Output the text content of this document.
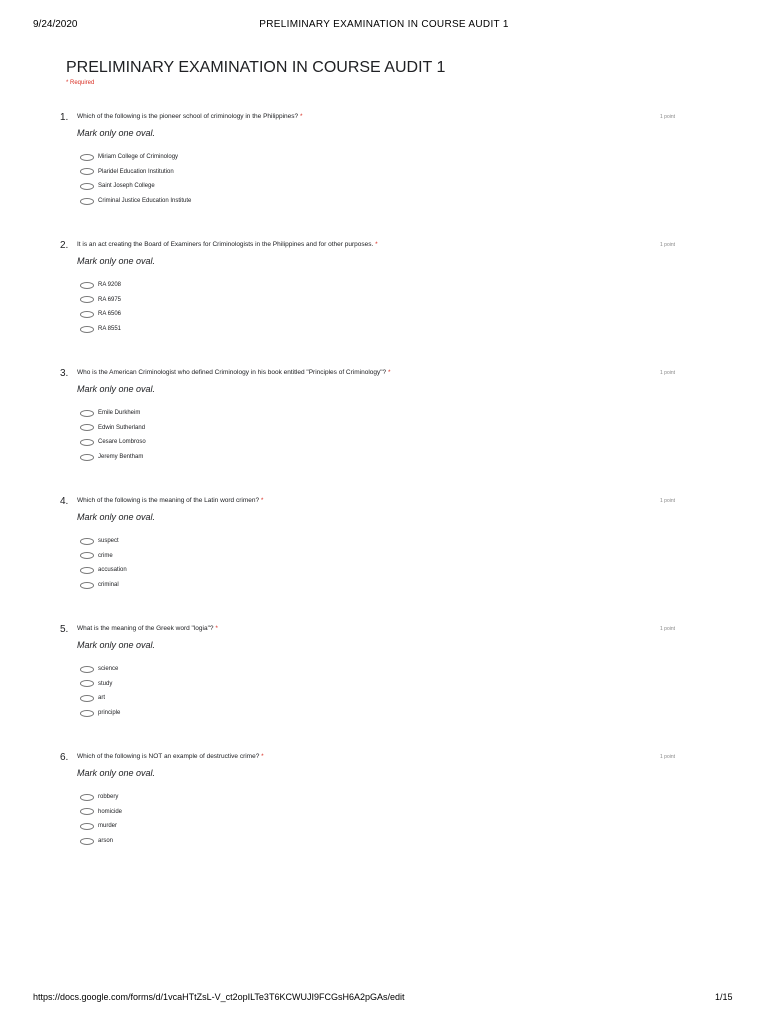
9/24/2020	PRELIMINARY EXAMINATION IN COURSE AUDIT 1
PRELIMINARY EXAMINATION IN COURSE AUDIT 1
* Required
1. Which of the following is the pioneer school of criminology in the Philippines? *	1 point
Mark only one oval.
Miriam College of Criminology
Plaridel Education Institution
Saint Joseph College
Criminal Justice Education Institute
2. It is an act creating the Board of Examiners for Criminologists in the Philippines and for other purposes. *	1 point
Mark only one oval.
RA 9208
RA 6975
RA 6506
RA 8551
3. Who is the American Criminologist who defined Criminology in his book entitled "Principles of Criminology"? *	1 point
Mark only one oval.
Emile Durkheim
Edwin Sutherland
Cesare Lombroso
Jeremy Bentham
4. Which of the following is the meaning of the Latin word crimen? *	1 point
Mark only one oval.
suspect
crime
accusation
criminal
5. What is the meaning of the Greek word "logia"? *	1 point
Mark only one oval.
science
study
art
principle
6. Which of the following is NOT an example of destructive crime? *	1 point
Mark only one oval.
robbery
homicide
murder
arson
https://docs.google.com/forms/d/1vcaHTtZsL-V_ct2opILTe3T6KCWUJI9FCGsH6A2pGAs/edit	1/15
